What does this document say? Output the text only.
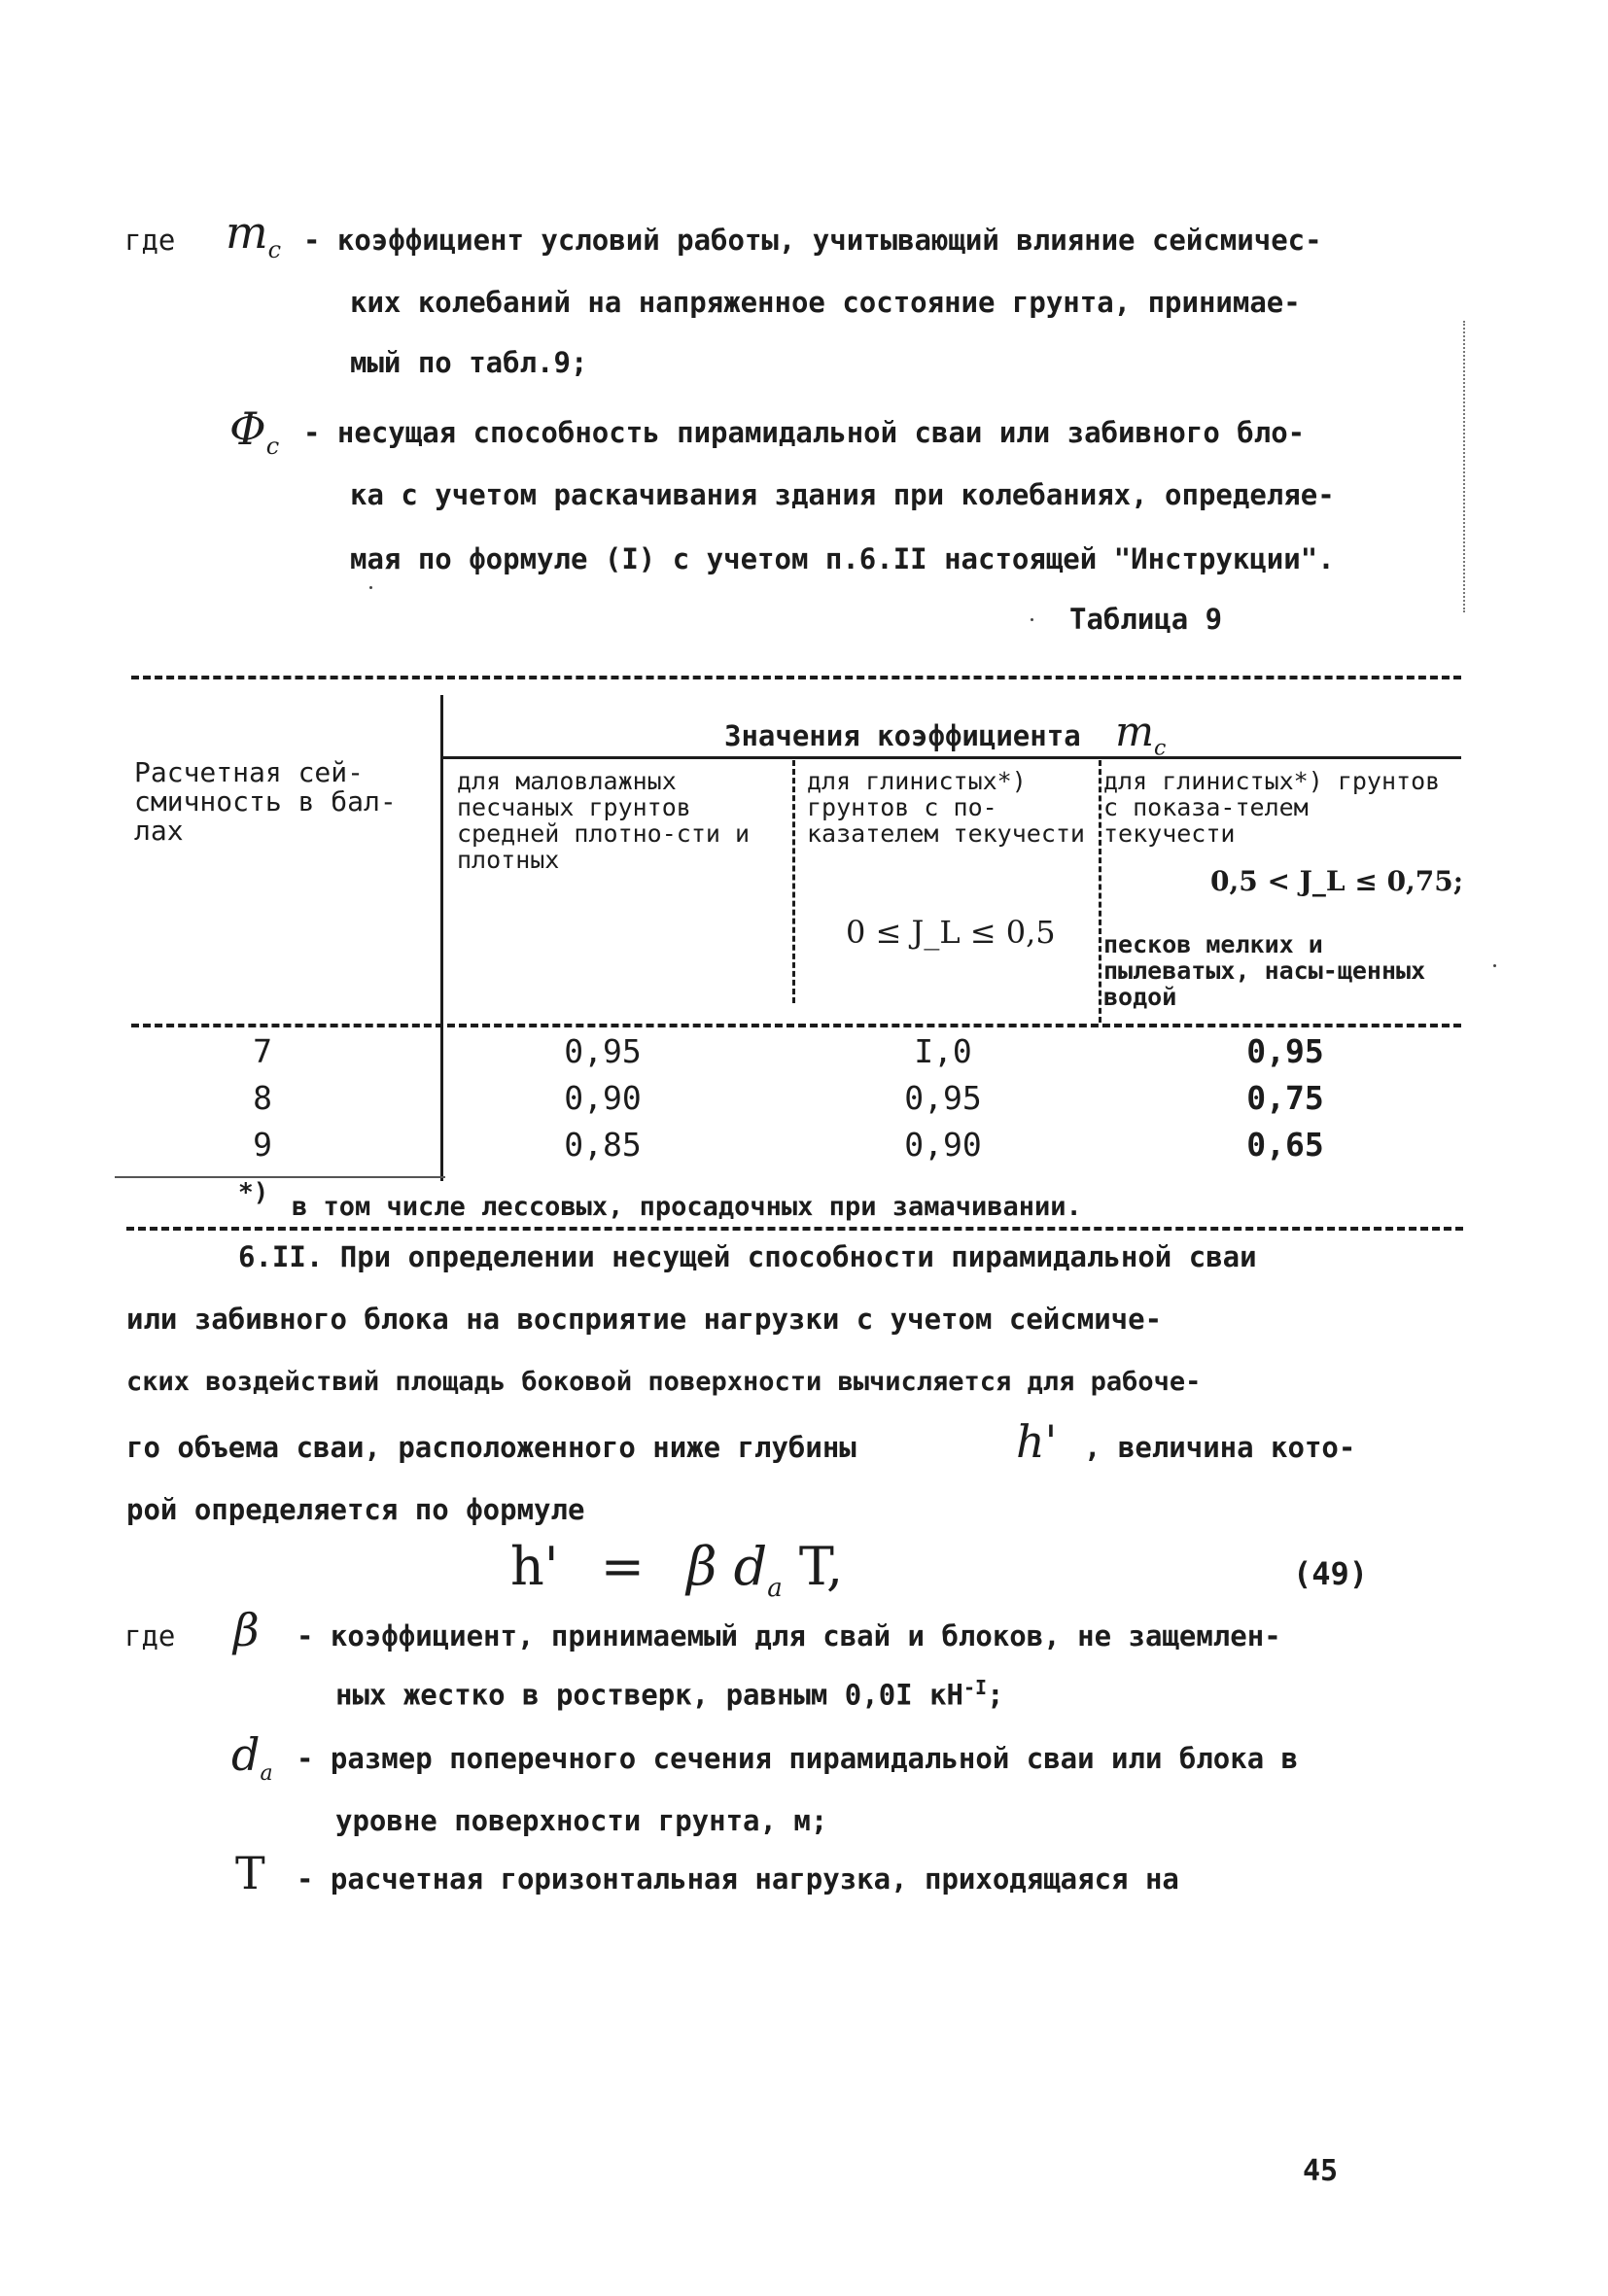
где $m_c$ - коэффициент условий работы, учитывающий влияние сейсмичес-
ких колебаний на напряженное состояние грунта, принимае-
мый по табл.9;
$\Phi_c$ - несущая способность пирамидальной сваи или забивного бло-
ка с учетом раскачивания здания при колебаниях, определяе-
мая по формуле (I) с учетом п.6.II настоящей "Инструкции".
Таблица 9
Значения коэффициента $m_c$
Расчетная сей-смичность в бал-лах
для маловлажных песчаных грунтов средней плотно-сти и плотных
для глинистых*) грунтов с по-казателем текучести
для глинистых*) грунтов с показа-телем текучести
0 ≤ J_L ≤ 0,5
0,5 < J_L ≤ 0,75;
песков мелких и пылеватых, насы-щенных водой
7	0,95	I,0	0,95
8	0,90	0,95	0,75
9	0,85	0,90	0,65
*) в том числе лессовых, просадочных при замачивании.
6.II. При определении несущей способности пирамидальной сваи
или забивного блока на восприятие нагрузки с учетом сейсмиче-
ских воздействий площадь боковой поверхности вычисляется для рабоче-
го объема сваи, расположенного ниже глубины	h' , величина кото-
рой определяется по формуле
h' = β $d_a$ T,	(49)
где β - коэффициент, принимаемый для свай и блоков, не защемлен-
ных жестко в ростверк, равным 0,0I $кН^{-I}$;
$d_a$ - размер поперечного сечения пирамидальной сваи или блока в
уровне поверхности грунта, м;
T - расчетная горизонтальная нагрузка, приходящаяся на
45
